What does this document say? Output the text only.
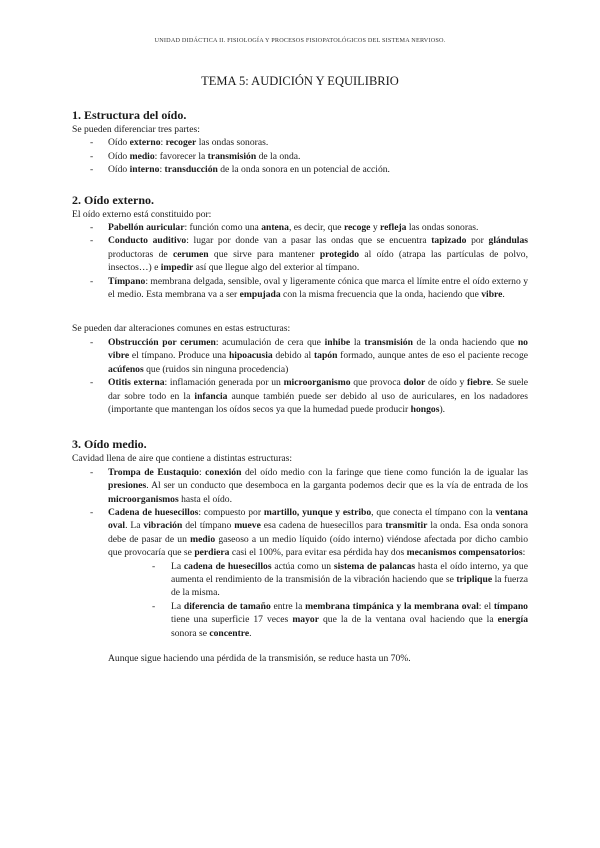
UNIDAD DIDÁCTICA II. FISIOLOGÍA Y PROCESOS FISIOPATOLÓGICOS DEL SISTEMA NERVIOSO.
TEMA 5: AUDICIÓN Y EQUILIBRIO
1. Estructura del oído.

Se pueden diferenciar tres partes:

- Oído externo: recoger las ondas sonoras.
- Oído medio: favorecer la transmisión de la onda.
- Oído interno: transducción de la onda sonora en un potencial de acción.
2. Oído externo.

El oído externo está constituido por:

- Pabellón auricular: función como una antena, es decir, que recoge y refleja las ondas sonoras.
- Conducto auditivo: lugar por donde van a pasar las ondas que se encuentra tapizado por glándulas productoras de cerumen que sirve para mantener protegido al oído (atrapa las partículas de polvo, insectos…) e impedir así que llegue algo del exterior al tímpano.
- Tímpano: membrana delgada, sensible, oval y ligeramente cónica que marca el límite entre el oído externo y el medio. Esta membrana va a ser empujada con la misma frecuencia que la onda, haciendo que vibre.

Se pueden dar alteraciones comunes en estas estructuras:

- Obstrucción por cerumen: acumulación de cera que inhibe la transmisión de la onda haciendo que no vibre el tímpano. Produce una hipoacusia debido al tapón formado, aunque antes de eso el paciente recoge acúfenos que (ruidos sin ninguna procedencia)
- Otitis externa: inflamación generada por un microorganismo que provoca dolor de oído y fiebre. Se suele dar sobre todo en la infancia aunque también puede ser debido al uso de auriculares, en los nadadores (importante que mantengan los oídos secos ya que la humedad puede producir hongos).
3. Oído medio.

Cavidad llena de aire que contiene a distintas estructuras:

- Trompa de Eustaquio: conexión del oído medio con la faringe que tiene como función la de igualar las presiones. Al ser un conducto que desemboca en la garganta podemos decir que es la vía de entrada de los microorganismos hasta el oído.
- Cadena de huesecillos: compuesto por martillo, yunque y estribo, que conecta el tímpano con la ventana oval. La vibración del tímpano mueve esa cadena de huesecillos para transmitir la onda. Esa onda sonora debe de pasar de un medio gaseoso a un medio líquido (oído interno) viéndose afectada por dicho cambio que provocaría que se perdiera casi el 100%, para evitar esa pérdida hay dos mecanismos compensatorios:
- La cadena de huesecillos actúa como un sistema de palancas hasta el oído interno, ya que aumenta el rendimiento de la transmisión de la vibración haciendo que se triplique la fuerza de la misma.
- La diferencia de tamaño entre la membrana timpánica y la membrana oval: el tímpano tiene una superficie 17 veces mayor que la de la ventana oval haciendo que la energía sonora se concentre.

Aunque sigue haciendo una pérdida de la transmisión, se reduce hasta un 70%.
